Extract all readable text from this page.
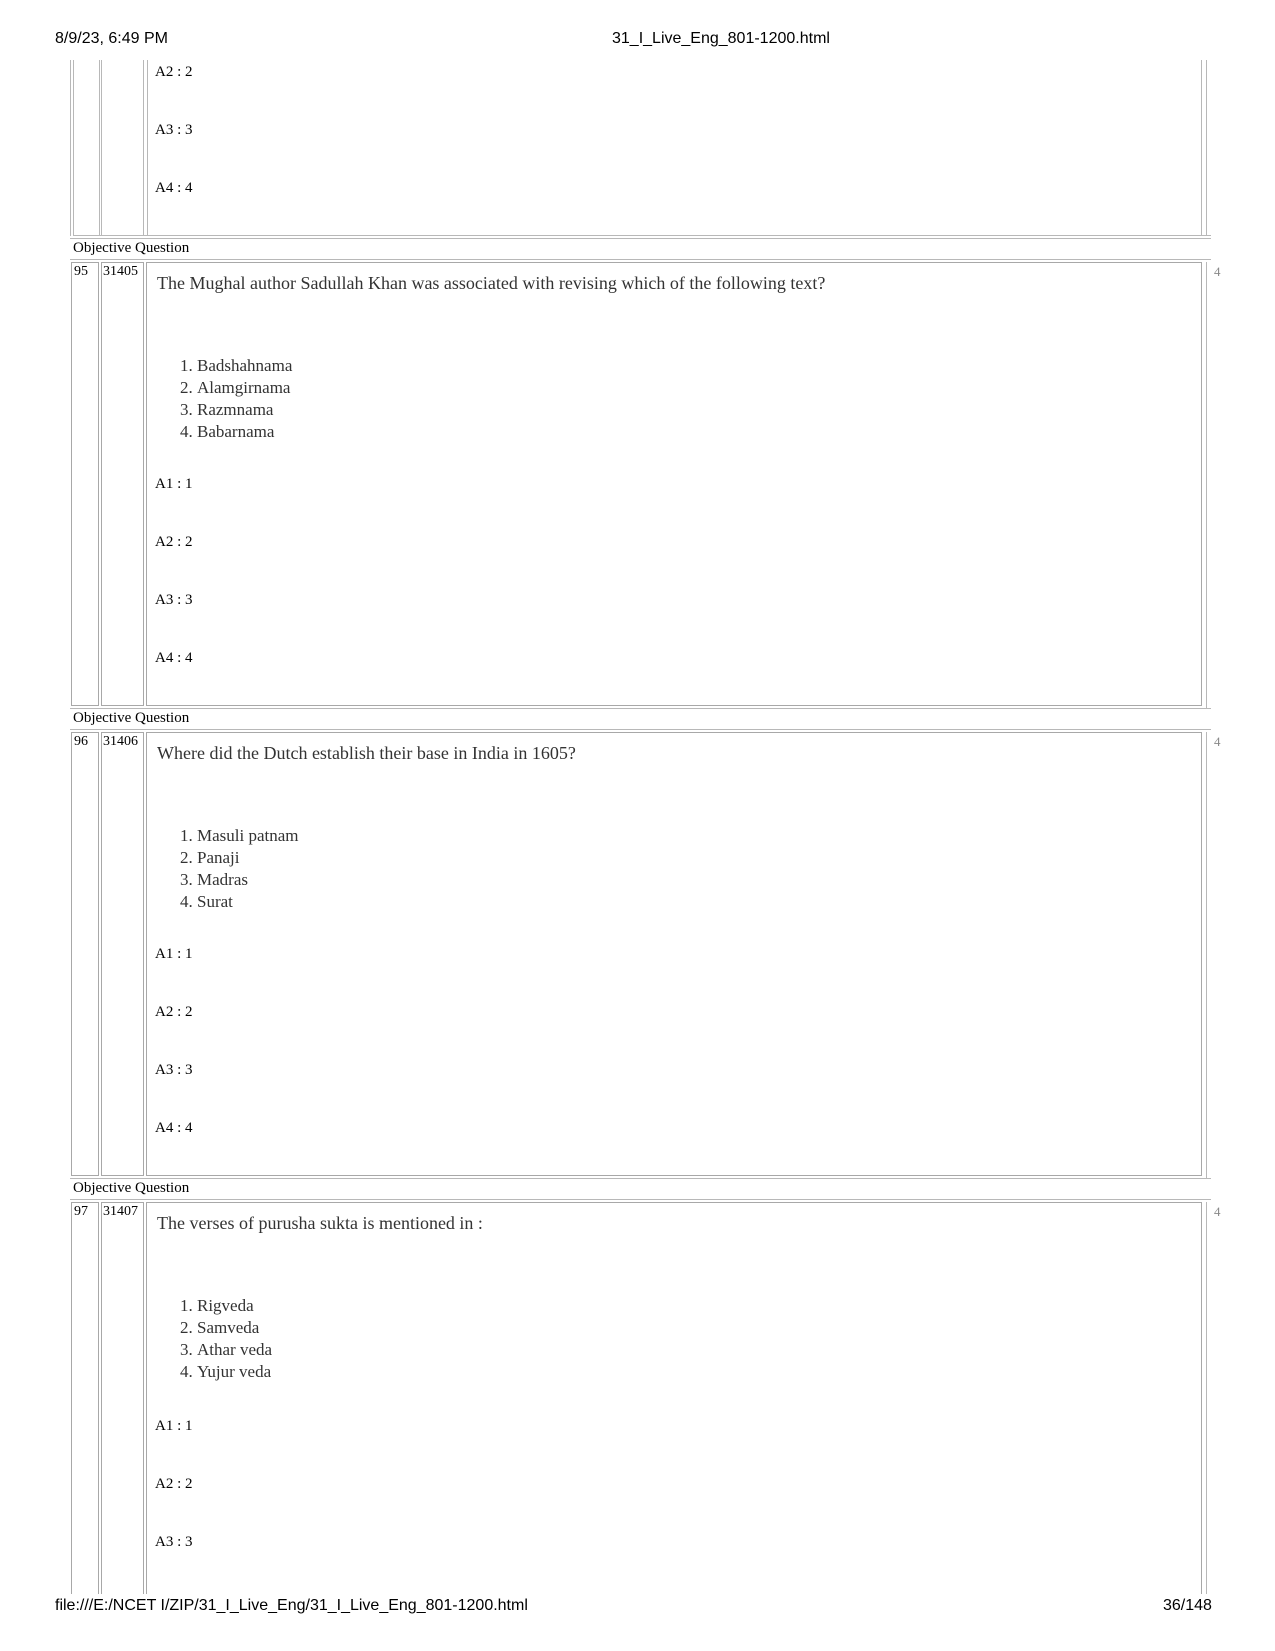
8/9/23, 6:49 PM	31_I_Live_Eng_801-1200.html
A2 : 2
A3 : 3
A4 : 4
Objective Question
95 31405	4
The Mughal author Sadullah Khan was associated with revising which of the following text?
1. Badshahnama
2. Alamgirnama
3. Razmnama
4. Babarnama
A1 : 1
A2 : 2
A3 : 3
A4 : 4
Objective Question
96 31406	4
Where did the Dutch establish their base in India in 1605?
1. Masuli patnam
2. Panaji
3. Madras
4. Surat
A1 : 1
A2 : 2
A3 : 3
A4 : 4
Objective Question
97 31407	4
The verses of purusha sukta is mentioned in :
1. Rigveda
2. Samveda
3. Athar veda
4. Yujur veda
A1 : 1
A2 : 2
A3 : 3
file:///E:/NCET I/ZIP/31_I_Live_Eng/31_I_Live_Eng_801-1200.html	36/148
